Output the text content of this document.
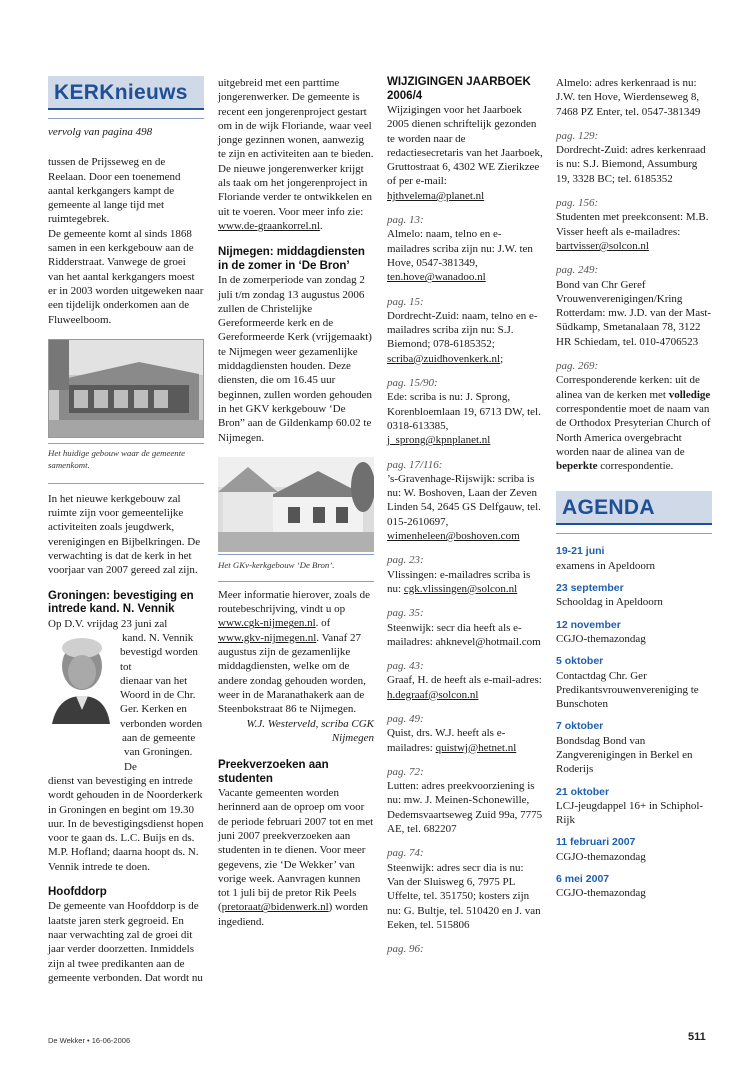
KERKnieuws

vervolg van pagina 498

tussen de Prijsseweg en de Reelaan. Door een toenemend aantal kerkgangers kampt de gemeente al lange tijd met ruimtegebrek.

De gemeente komt al sinds 1868 samen in een kerkgebouw aan de Ridderstraat. Vanwege de groei van het aantal kerkgangers moest er in 2003 worden uitgeweken naar een tijdelijk onderkomen aan de Fluweelboom.

Het huidige gebouw waar de gemeente samenkomt.

In het nieuwe kerkgebouw zal ruimte zijn voor gemeentelijke activiteiten zoals jeugdwerk, verenigingen en Bijbelkringen. De verwachting is dat de kerk in het voorjaar van 2007 gereed zal zijn.

Groningen: bevestiging en intrede kand. N. Vennik

Op D.V. vrijdag 23 juni zal

kand. N. Vennik

bevestigd worden tot

dienaar van het

Woord in de Chr.

Ger. Kerken en

verbonden worden

aan de gemeente

van Groningen. De

dienst van bevestiging en intrede wordt gehouden in de Noorderkerk in Groningen en begint om 19.30 uur. In de bevestigingsdienst hopen voor te gaan ds. L.C. Buijs en ds. M.P. Hofland; daarna hoopt ds. N. Vennik intrede te doen.

Hoofddorp

De gemeente van Hoofddorp is de laatste jaren sterk gegroeid. En naar verwachting zal de groei dit jaar verder doorzetten. Inmiddels zijn al twee predikanten aan de gemeente verbonden. Dat wordt nu

uitgebreid met een parttime jongerenwerker. De gemeente is recent een jongerenproject gestart om in de wijk Floriande, waar veel jonge gezinnen wonen, aanwezig te zijn en activiteiten aan te bieden. De nieuwe jongerenwerker krijgt als taak om het jongerenproject in Floriande verder te ontwikkelen en uit te voeren. Voor meer info zie: www.de-graankorrel.nl.

Nijmegen: middagdiensten in de zomer in ‘De Bron’

In de zomerperiode van zondag 2 juli t/m zondag 13 augustus 2006 zullen de Christelijke Gereformeerde kerk en de Gereformeerde Kerk (vrijgemaakt) te Nijmegen weer gezamenlijke middagdiensten houden. Deze diensten, die om 16.45 uur beginnen, zullen worden gehouden in het GKV kerkgebouw ‘De Bron” aan de Gildenkamp 60.02 te Nijmegen.

Het GKv-kerkgebouw ‘De Bron’.

Meer informatie hierover, zoals de routebeschrijving, vindt u op www.cgk-nijmegen.nl. of www.gkv-nijmegen.nl. Vanaf 27 augustus zijn de gezamenlijke middagdiensten, welke om de andere zondag gehouden worden, weer in de Maranathakerk aan de Steenbokstraat 86 te Nijmegen.

W.J. Westerveld, scriba CGK

Nijmegen

Preekverzoeken aan studenten

Vacante gemeenten worden herinnerd aan de oproep om voor de periode februari 2007 tot en met juni 2007 preekverzoeken aan studenten in te dienen. Voor meer gegevens, zie ‘De Wekker’ van vorige week. Aanvragen kunnen tot 1 juli bij de pretor Rik Peels (pretoraat@bidenwerk.nl) worden ingediend.

WIJZIGINGEN JAARBOEK 2006/4

Wijzigingen voor het Jaarboek 2005 dienen schriftelijk gezonden te worden naar de redactiesecretaris van het Jaarboek, Gruttostraat 6, 4302 WE Zierikzee of per e-mail:

hjthvelema@planet.nl

pag. 13:
Almelo: naam, telno en e-mailadres scriba zijn nu: J.W. ten Hove, 0547-381349, ten.hove@wanadoo.nl
pag. 15:
Dordrecht-Zuid: naam, telno en e-mailadres scriba zijn nu: S.J. Biemond; 078-6185352; scriba@zuidhovenkerk.nl;
pag. 15/90:
Ede: scriba is nu: J. Sprong, Korenbloemlaan 19, 6713 DW, tel. 0318-613385, j_sprong@kpnplanet.nl
pag. 17/116:
’s-Gravenhage-Rijswijk: scriba is nu: W. Boshoven, Laan der Zeven Linden 54, 2645 GS Delfgauw, tel. 015-2610697, wimenheleen@boshoven.com
pag. 23:
Vlissingen: e-mailadres scriba is nu: cgk.vlissingen@solcon.nl
pag. 35:
Steenwijk: secr dia heeft als e-mailadres: ahknevel@hotmail.com
pag. 43:
Graaf, H. de heeft als e-mail-adres: h.degraaf@solcon.nl
pag. 49:
Quist, drs. W.J. heeft als e-mailadres: quistwj@hetnet.nl
pag. 72:
Lutten: adres preekvoorziening is nu: mw. J. Meinen-Schonewille, Dedemsvaartseweg Zuid 99a, 7775 AE, tel. 682207
pag. 74:
Steenwijk: adres secr dia is nu: Van der Sluisweg 6, 7975 PL Uffelte, tel. 351750; kosters zijn nu: G. Bultje, tel. 510420 en J. van Eeken, tel. 515806
pag. 96:

Almelo: adres kerkenraad is nu: J.W. ten Hove, Wierdenseweg 8, 7468 PZ Enter, tel. 0547-381349

pag. 129:
Dordrecht-Zuid: adres kerkenraad is nu: S.J. Biemond, Assumburg 19, 3328 BC; tel. 6185352
pag. 156:
Studenten met preekconsent: M.B. Visser heeft als e-mailadres: bartvisser@solcon.nl
pag. 249:
Bond van Chr Geref Vrouwenverenigingen/Kring Rotterdam: mw. J.D. van der Mast-Südkamp, Smetanalaan 78, 3122 HR Schiedam, tel. 010-4706523
pag. 269:
Corresponderende kerken: uit de alinea van de kerken met volledige correspondentie moet de naam van de Orthodox Presyterian Church of North America overgebracht worden naar de alinea van de beperkte correspondentie.
AGENDA
19-21 juni
examens in Apeldoorn
23 september
Schooldag in Apeldoorn
12 november
CGJO-themazondag
5 oktober
Contactdag Chr. Ger Predikantsvrouwenvereniging te Bunschoten
7 oktober
Bondsdag Bond van Zangverenigingen in Berkel en Roderijs
21 oktober
LCJ-jeugdappel 16+ in Schiphol-Rijk
11 februari 2007
CGJO-themazondag
6 mei 2007
CGJO-themazondag
De Wekker • 16-06-2006	511
